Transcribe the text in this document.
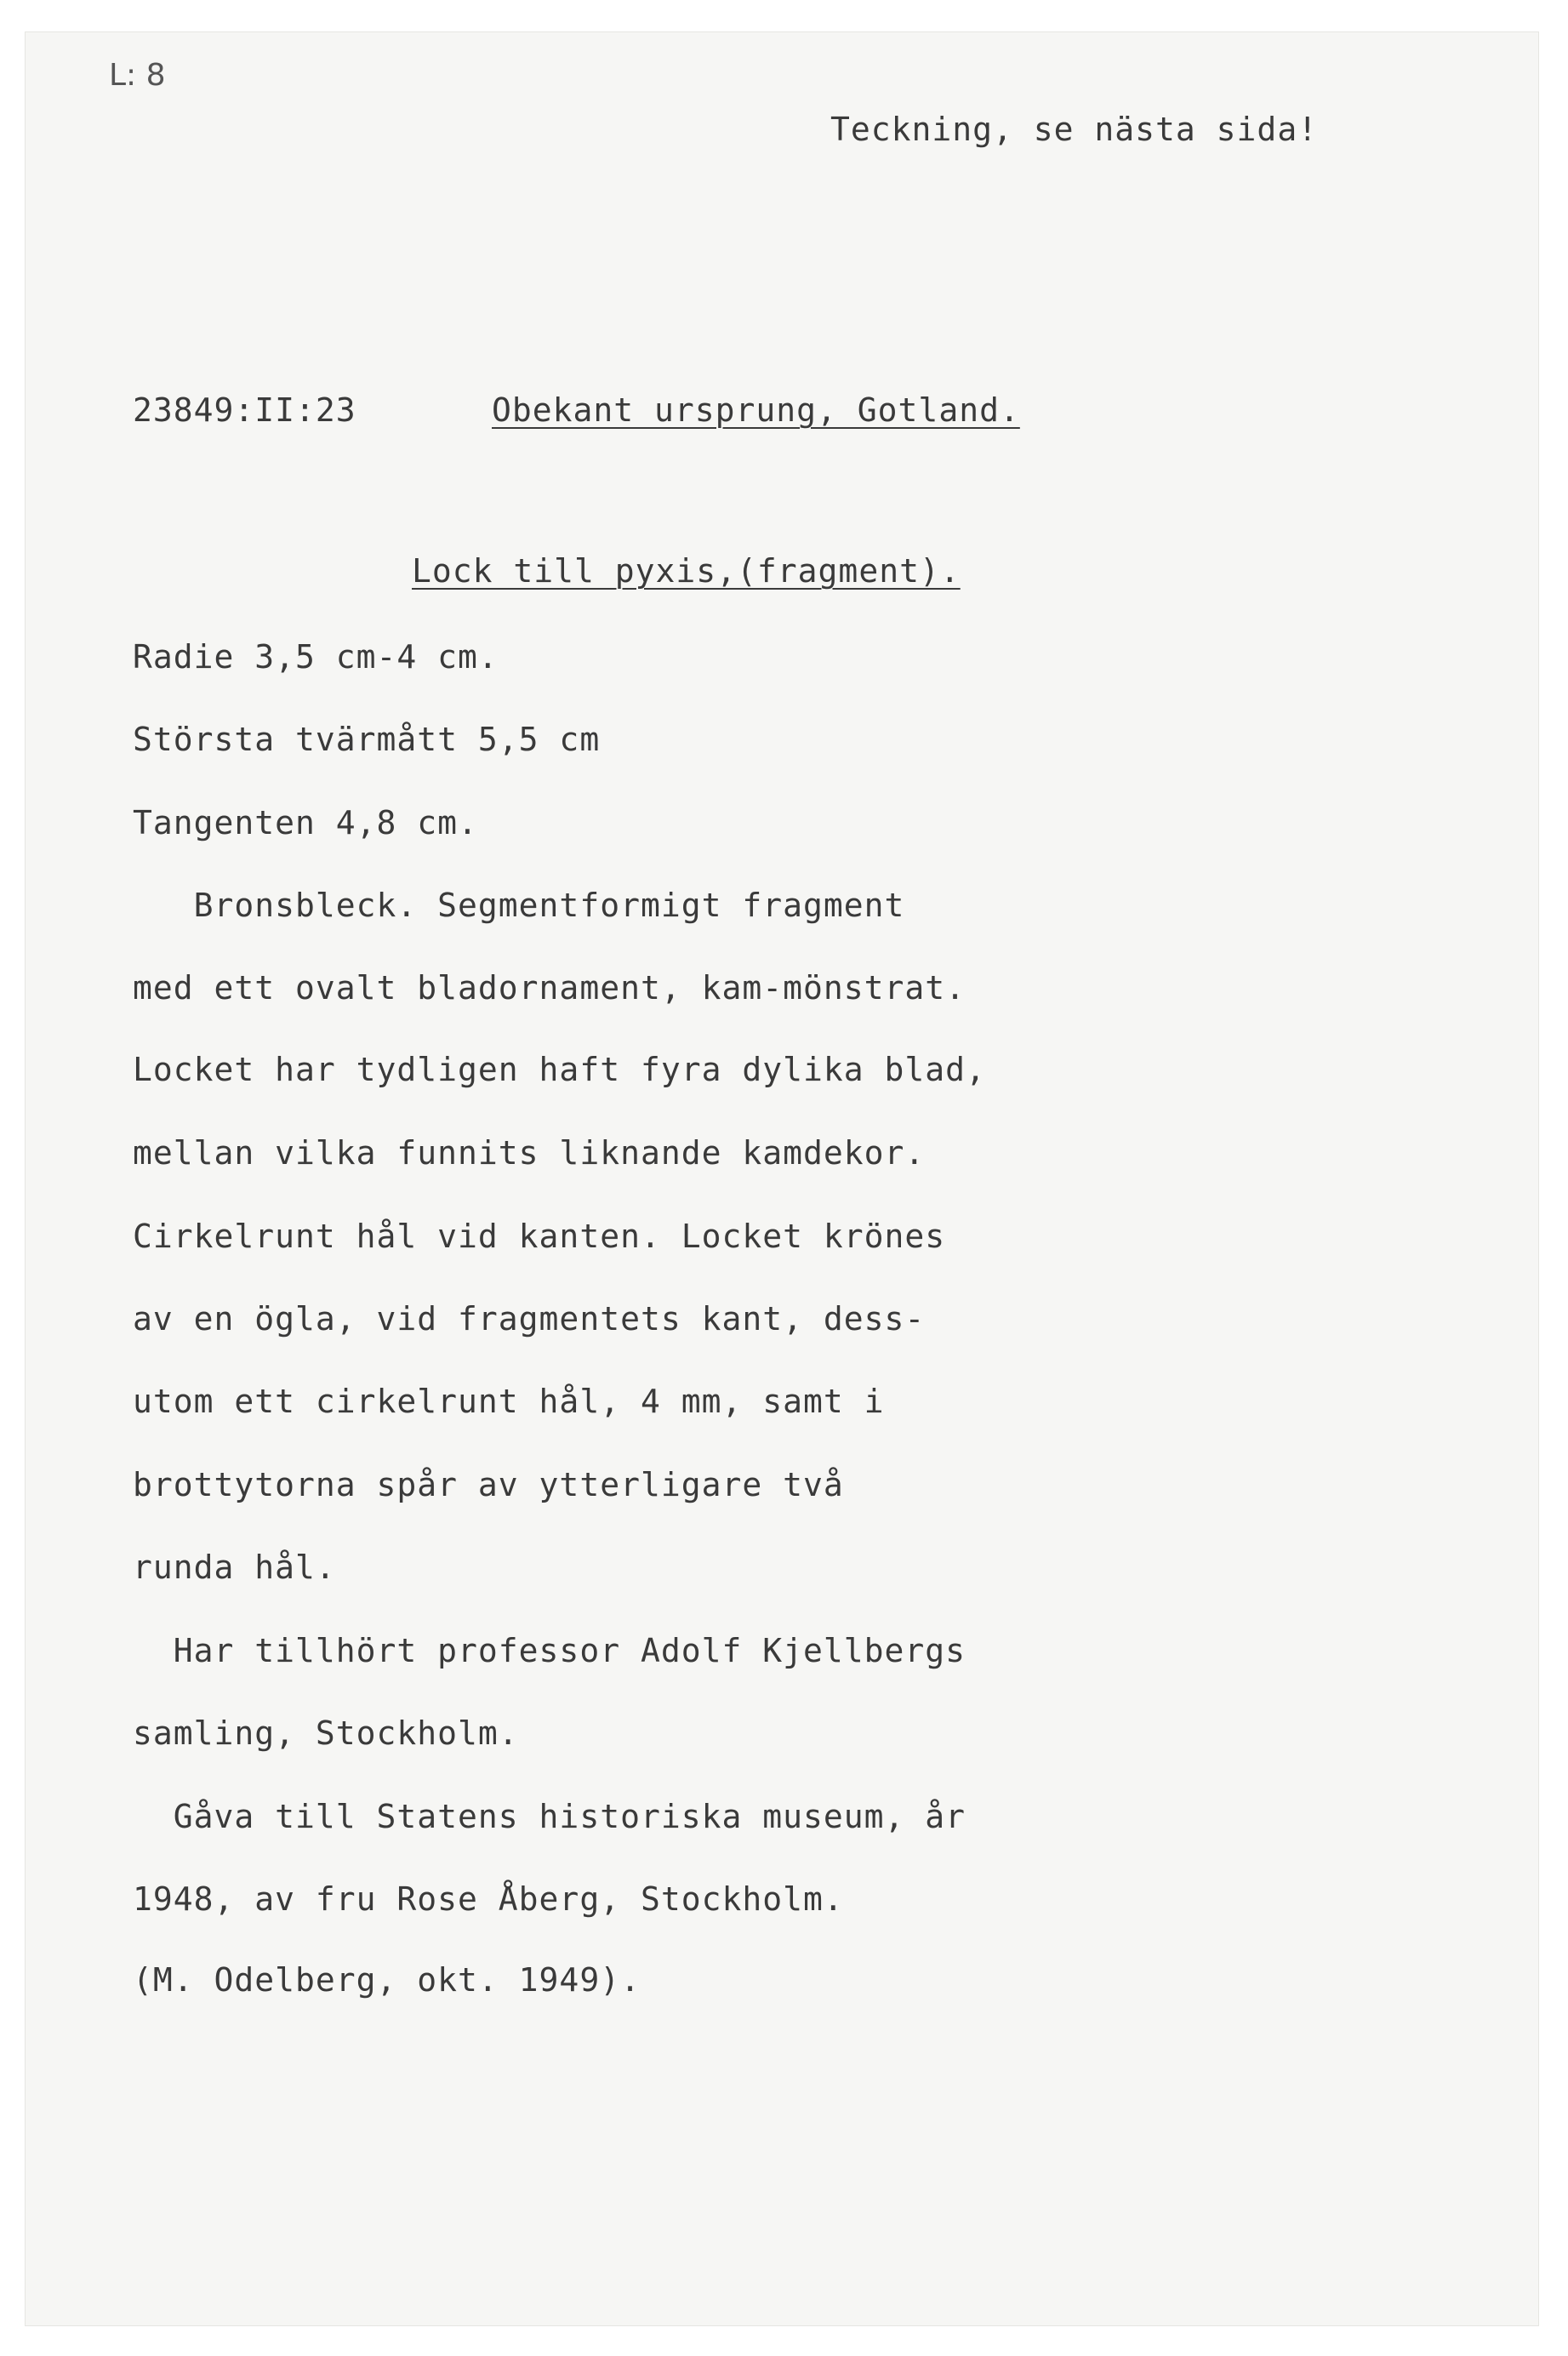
L: 8
Teckning, se nästa sida!
23849:II:23	Obekant ursprung, Gotland.
Lock till pyxis,(fragment).
Radie 3,5 cm-4 cm.
Största tvärmått 5,5 cm
Tangenten 4,8 cm.
Bronsbleck. Segmentformigt fragment
med ett ovalt bladornament, kam-mönstrat.
Locket har tydligen haft fyra dylika blad,
mellan vilka funnits liknande kamdekor.
Cirkelrunt hål vid kanten. Locket krönes
av en ögla, vid fragmentets kant, dess-
utom ett cirkelrunt hål, 4 mm, samt i
brottytorna spår av ytterligare två
runda hål.
Har tillhört professor Adolf Kjellbergs
samling, Stockholm.
Gåva till Statens historiska museum, år
1948, av fru Rose Åberg, Stockholm.
(M. Odelberg, okt. 1949).
